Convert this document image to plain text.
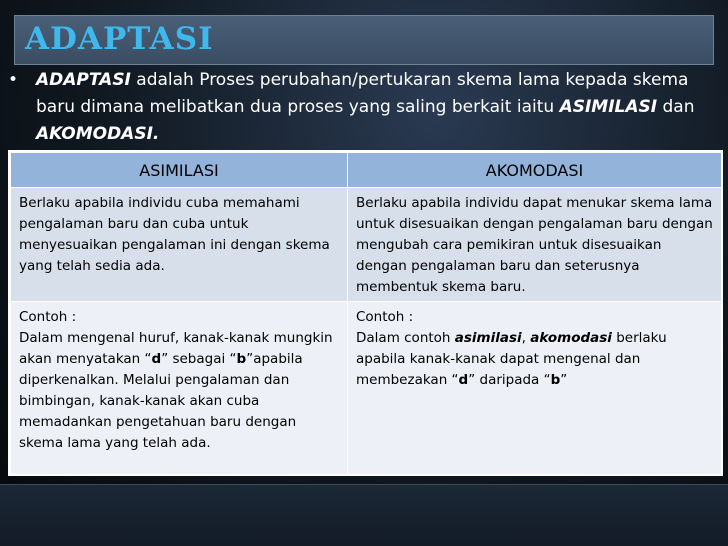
ADAPTASI
• ADAPTASI adalah Proses perubahan/pertukaran skema lama kepada skema baru dimana melibatkan dua proses yang saling berkait iaitu ASIMILASI dan AKOMODASI.
ASIMILASI	AKOMODASI
Berlaku apabila individu cuba memahami pengalaman baru dan cuba untuk menyesuaikan pengalaman ini dengan skema yang telah sedia ada.
Berlaku apabila individu dapat menukar skema lama untuk disesuaikan dengan pengalaman baru dengan mengubah cara pemikiran untuk disesuaikan dengan pengalaman baru dan seterusnya membentuk skema baru.
Contoh :
Dalam mengenal huruf, kanak-kanak mungkin akan menyatakan “d” sebagai “b”apabila diperkenalkan. Melalui pengalaman dan bimbingan, kanak-kanak akan cuba memadankan pengetahuan baru dengan skema lama yang telah ada.
Contoh :
Dalam contoh asimilasi, akomodasi berlaku apabila kanak-kanak dapat mengenal dan membezakan “d” daripada “b”
